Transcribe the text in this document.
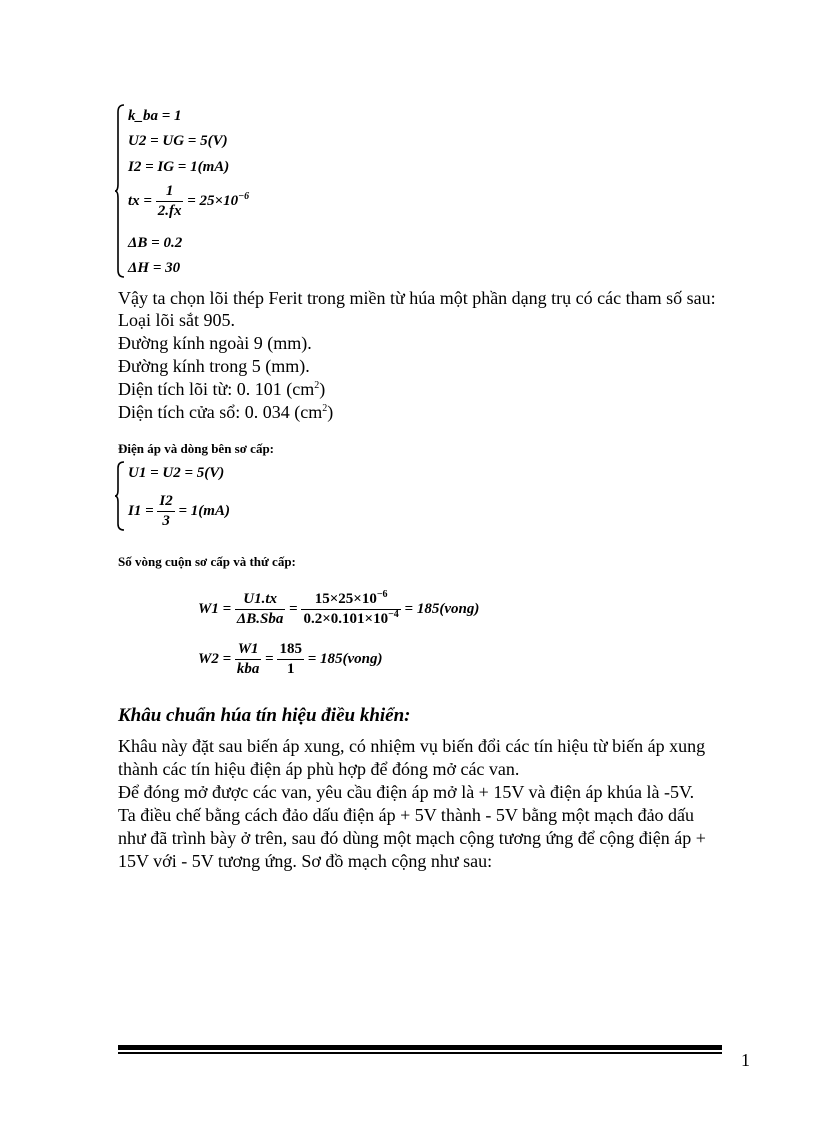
k_ba = 1
U2 = UG = 5(V)
I2 = IG = 1(mA)
tx = $\frac{1}{2.fx} = 25\times 10^{-6}$
ΔB = 0.2
ΔH = 30
Vậy ta chọn lõi thép Ferit trong miền từ húa một phần dạng trụ có các tham số sau:
Loại lõi sắt 905.
Đường kính ngoài 9 (mm).
Đường kính trong 5 (mm).
Diện tích lõi từ: 0. 101 $(cm^2)$
Diện tích cửa sổ: 0. 034 $(cm^2)$
Điện áp và dòng bên sơ cấp:
U1 = U2 = 5(V)
$I1 = \frac{I2}{3} = 1(mA)$
Số vòng cuộn sơ cấp và thứ cấp:
$W1 = \frac{U1.tx}{\text{ΔB.Sba}} = \frac{15\times 25\times 10^{-6}}{0.2\times 0.101\times 10^{-4}}$ = 185(vong)
$W2 = \frac{W1}{\text{kba}} = \frac{185}{1}$ = 185(vong)
Khâu chuẩn húa tín hiệu điều khiển:
Khâu này đặt sau biến áp xung, có nhiệm vụ biến đổi các tín hiệu từ biến áp xung
thành các tín hiệu điện áp phù hợp để đóng mở các van.
Để đóng mở được các van, yêu cầu điện áp mở là + 15V và điện áp khúa là -5V.
Ta điều chế bằng cách đảo dấu điện áp + 5V thành - 5V bằng một mạch đảo dấu
như đã trình bày ở trên, sau đó dùng một mạch cộng tương ứng để cộng điện áp +
15V với - 5V tương ứng. Sơ đồ mạch cộng như sau:
1
